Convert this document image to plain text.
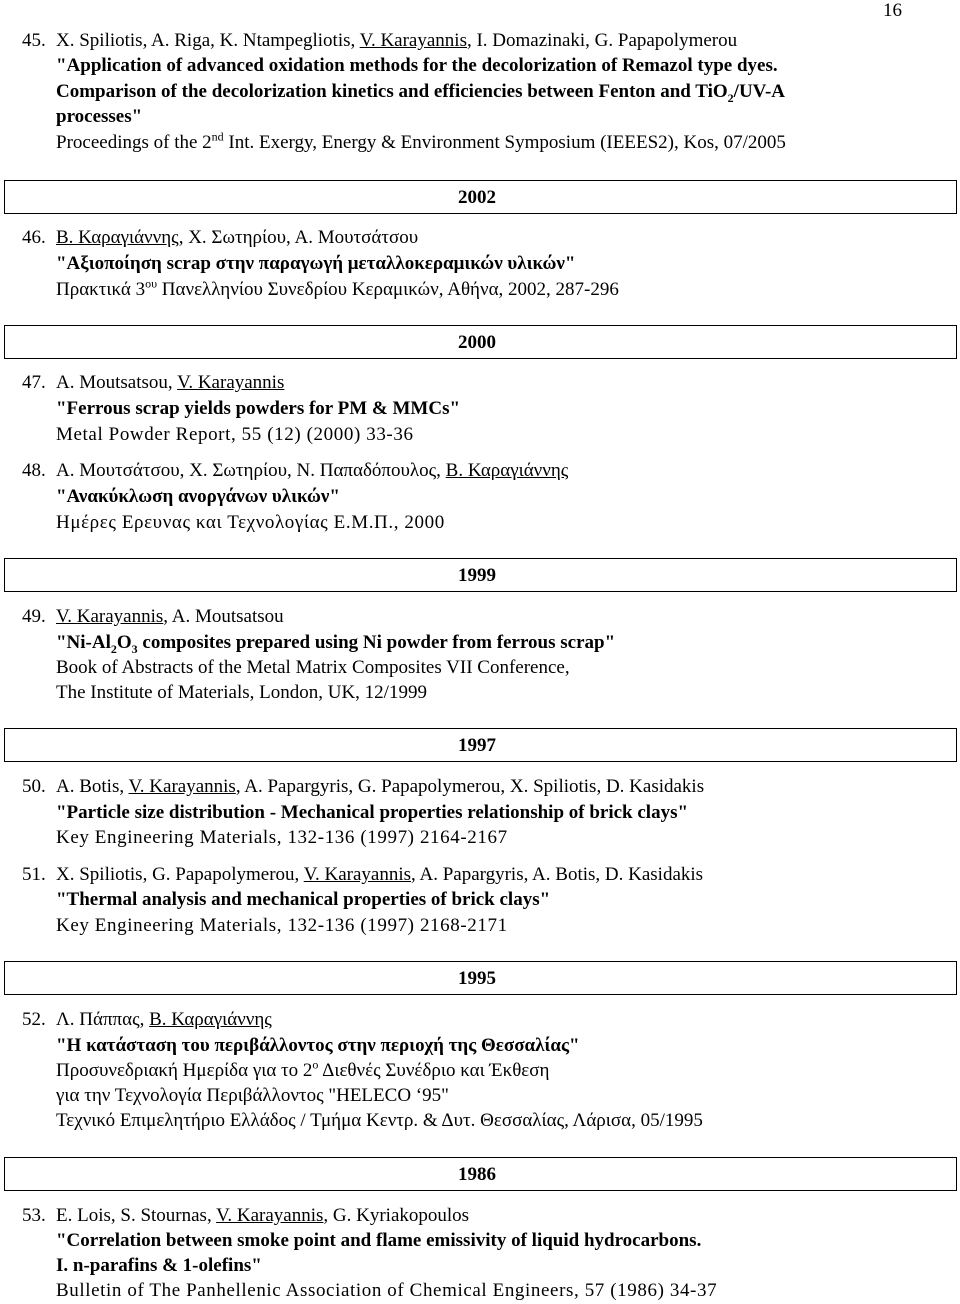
16
45. X. Spiliotis, A. Riga, K. Ntampegliotis, V. Karayannis, I. Domazinaki, G. Papapolymerou
"Application of advanced oxidation methods for the decolorization of Remazol type dyes.
Comparison of the decolorization kinetics and efficiencies between Fenton and TiO$_2$/UV-A
processes"
Proceedings of the 2nd Int. Exergy, Energy & Environment Symposium (IEEES2), Kos, 07/2005
2002
46. Β. Καραγιάννης, Χ. Σωτηρίου, Α. Μουτσάτσου
"Αξιοποίηση scrap στην παραγωγή μεταλλοκεραμικών υλικών"
Πρακτικά $3^{o\upsilon}$ Πανελληνίου Συνεδρίου Κεραμικών, Αθήνα, 2002, 287-296
2000
47. A. Moutsatsou, V. Karayannis
"Ferrous scrap yields powders for PM & MMCs"
Metal Powder Report, 55 (12) (2000) 33-36
48. Α. Μουτσάτσου, Χ. Σωτηρίου, Ν. Παπαδόπουλος, Β. Καραγιάννης
"Ανακύκλωση ανοργάνων υλικών"
Ημέρες Ερευνας και Τεχνολογίας Ε.Μ.Π., 2000
1999
49. V. Karayannis, A. Moutsatsou
"$Ni-Al_2O_3$ composites prepared using Ni powder from ferrous scrap"
Book of Abstracts of the Metal Matrix Composites VII Conference,
The Institute of Materials, London, UK, 12/1999
1997
50. A. Botis, V. Karayannis, A. Papargyris, G. Papapolymerou, X. Spiliotis, D. Kasidakis
"Particle size distribution - Mechanical properties relationship of brick clays"
Key Engineering Materials, 132-136 (1997) 2164-2167
51. X. Spiliotis, G. Papapolymerou, V. Karayannis, A. Papargyris, A. Botis, D. Kasidakis
"Thermal analysis and mechanical properties of brick clays"
Key Engineering Materials, 132-136 (1997) 2168-2171
1995
52. Λ. Πάππας, Β. Καραγιάννης
"Η κατάσταση του περιβάλλοντος στην περιοχή της Θεσσαλίας"
Προσυνεδριακή Ημερίδα για το $2^o$ Διεθνές Συνέδριο και Έκθεση
για την Τεχνολογία Περιβάλλοντος "HELECO ‘95"
Τεχνικό Επιμελητήριο Ελλάδος / Τμήμα Κεντρ. & Δυτ. Θεσσαλίας, Λάρισα, 05/1995
1986
53. E. Lois, S. Stournas, V. Karayannis, G. Kyriakopoulos
"Correlation between smoke point and flame emissivity of liquid hydrocarbons.
I. n-parafins & 1-olefins"
Bulletin of The Panhellenic Association of Chemical Engineers, 57 (1986) 34-37
